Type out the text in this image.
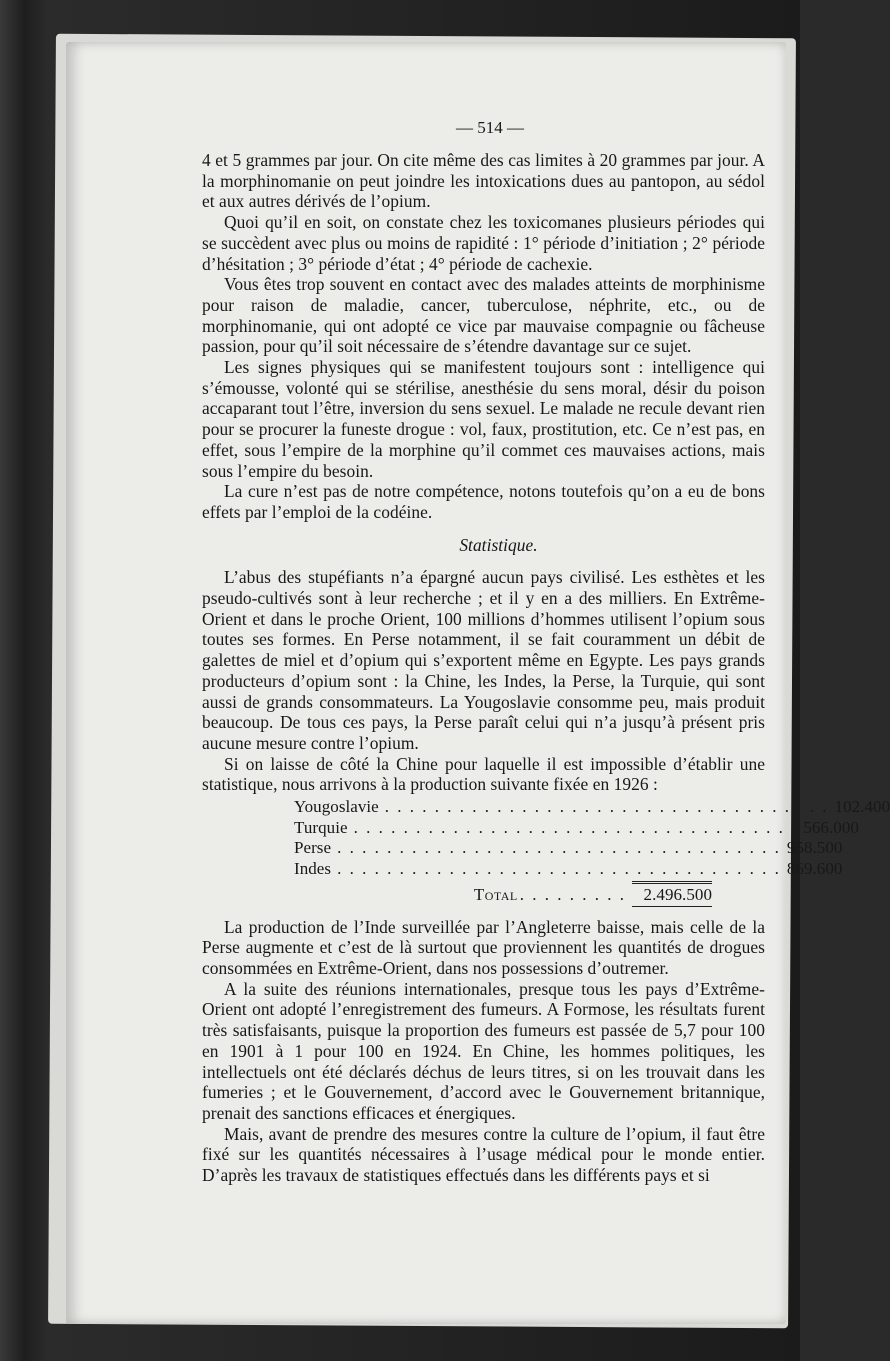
— 514 —

4 et 5 grammes par jour. On cite même des cas limites à 20 grammes par jour. A la morphinomanie on peut joindre les intoxications dues au pantopon, au sédol et aux autres dérivés de l’opium.

Quoi qu’il en soit, on constate chez les toxicomanes plusieurs périodes qui se succèdent avec plus ou moins de rapidité : 1° période d’initiation ; 2° période d’hésitation ; 3° période d’état ; 4° période de cachexie.

Vous êtes trop souvent en contact avec des malades atteints de morphinisme pour raison de maladie, cancer, tuberculose, néphrite, etc., ou de morphinomanie, qui ont adopté ce vice par mauvaise compagnie ou fâcheuse passion, pour qu’il soit nécessaire de s’étendre davantage sur ce sujet.

Les signes physiques qui se manifestent toujours sont : intelligence qui s’émousse, volonté qui se stérilise, anesthésie du sens moral, désir du poison accaparant tout l’être, inversion du sens sexuel. Le malade ne recule devant rien pour se procurer la funeste drogue : vol, faux, prostitution, etc. Ce n’est pas, en effet, sous l’empire de la morphine qu’il commet ces mauvaises actions, mais sous l’empire du besoin.

La cure n’est pas de notre compétence, notons toutefois qu’on a eu de bons effets par l’emploi de la codéine.

Statistique.

L’abus des stupéfiants n’a épargné aucun pays civilisé. Les esthètes et les pseudo-cultivés sont à leur recherche ; et il y en a des milliers. En Extrême-Orient et dans le proche Orient, 100 millions d’hommes utilisent l’opium sous toutes ses formes. En Perse notamment, il se fait couramment un débit de galettes de miel et d’opium qui s’exportent même en Egypte. Les pays grands producteurs d’opium sont : la Chine, les Indes, la Perse, la Turquie, qui sont aussi de grands consommateurs. La Yougoslavie consomme peu, mais produit beaucoup. De tous ces pays, la Perse paraît celui qui n’a jusqu’à présent pris aucune mesure contre l’opium.

Si on laisse de côté la Chine pour laquelle il est impossible d’établir une statistique, nous arrivons à la production suivante fixée en 1926 :

Yougoslavie . . . . . . . . . . . . . . . . . . . . . . . . . . . . . . . . . . . . 102.400
Turquie . . . . . . . . . . . . . . . . . . . . . . . . . . . . . . . . . . . . 566.000
Perse . . . . . . . . . . . . . . . . . . . . . . . . . . . . . . . . . . . . 958.500
Indes . . . . . . . . . . . . . . . . . . . . . . . . . . . . . . . . . . . . 869.600
Total . . . . . . . . .	2.496.500

La production de l’Inde surveillée par l’Angleterre baisse, mais celle de la Perse augmente et c’est de là surtout que proviennent les quantités de drogues consommées en Extrême-Orient, dans nos possessions d’outremer.

A la suite des réunions internationales, presque tous les pays d’Extrême-Orient ont adopté l’enregistrement des fumeurs. A Formose, les résultats furent très satisfaisants, puisque la proportion des fumeurs est passée de 5,7 pour 100 en 1901 à 1 pour 100 en 1924. En Chine, les hommes politiques, les intellectuels ont été déclarés déchus de leurs titres, si on les trouvait dans les fumeries ; et le Gouvernement, d’accord avec le Gouvernement britannique, prenait des sanctions efficaces et énergiques.

Mais, avant de prendre des mesures contre la culture de l’opium, il faut être fixé sur les quantités nécessaires à l’usage médical pour le monde entier. D’après les travaux de statistiques effectués dans les différents pays et si
